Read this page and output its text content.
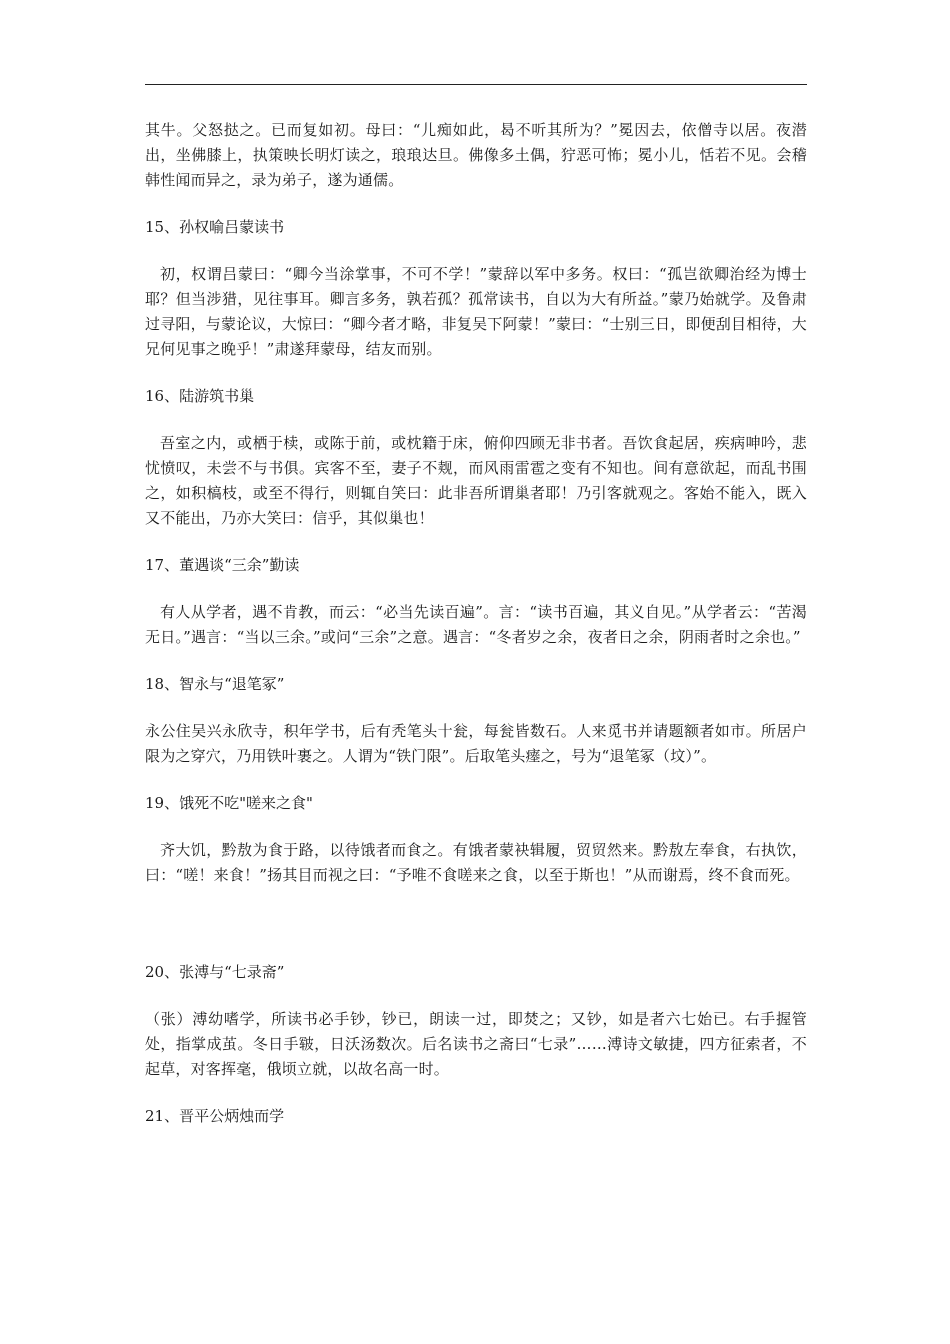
其牛。父怒挞之。已而复如初。母曰：“儿痴如此，曷不听其所为？”冕因去，依僧寺以居。夜潜出，坐佛膝上，执策映长明灯读之，琅琅达旦。佛像多土偶，狞恶可怖；冕小儿，恬若不见。会稽韩性闻而异之，录为弟子，遂为通儒。

15、孙权喻吕蒙读书

初，权谓吕蒙曰：“卿今当涂掌事，不可不学！”蒙辞以军中多务。权曰：“孤岂欲卿治经为博士耶？但当涉猎，见往事耳。卿言多务，孰若孤？孤常读书，自以为大有所益。”蒙乃始就学。及鲁肃过寻阳，与蒙论议，大惊曰：“卿今者才略，非复吴下阿蒙！”蒙曰：“士别三日，即便刮目相待，大兄何见事之晚乎！”肃遂拜蒙母，结友而别。

16、陆游筑书巢

吾室之内，或栖于椟，或陈于前，或枕籍于床，俯仰四顾无非书者。吾饮食起居，疾病呻吟，悲忧愤叹，未尝不与书俱。宾客不至，妻子不觌，而风雨雷雹之变有不知也。间有意欲起，而乱书围之，如积槁枝，或至不得行，则辄自笑曰：此非吾所谓巢者耶！乃引客就观之。客始不能入，既入又不能出，乃亦大笑曰：信乎，其似巢也！

17、董遇谈“三余”勤读

有人从学者，遇不肯教，而云：“必当先读百遍”。言：“读书百遍，其义自见。”从学者云：“苦渴无日。”遇言：“当以三余。”或问“三余”之意。遇言：“冬者岁之余，夜者日之余，阴雨者时之余也。”

18、智永与“退笔冢”

永公住吴兴永欣寺，积年学书，后有秃笔头十瓮，每瓮皆数石。人来觅书并请题额者如市。所居户限为之穿穴，乃用铁叶裹之。人谓为“铁门限”。后取笔头瘗之，号为“退笔冢（坟）”。

19、饿死不吃"嗟来之食"

齐大饥，黔敖为食于路，以待饿者而食之。有饿者蒙袂辑履，贸贸然来。黔敖左奉食，右执饮，曰：“嗟！来食！”扬其目而视之曰：“予唯不食嗟来之食，以至于斯也！”从而谢焉，终不食而死。

20、张溥与“七录斋”

（张）溥幼嗜学，所读书必手钞，钞已，朗读一过，即焚之；又钞，如是者六七始已。右手握管处，指掌成茧。冬日手皲，日沃汤数次。后名读书之斋曰“七录”……溥诗文敏捷，四方征索者，不起草，对客挥毫，俄顷立就，以故名高一时。

21、晋平公炳烛而学
